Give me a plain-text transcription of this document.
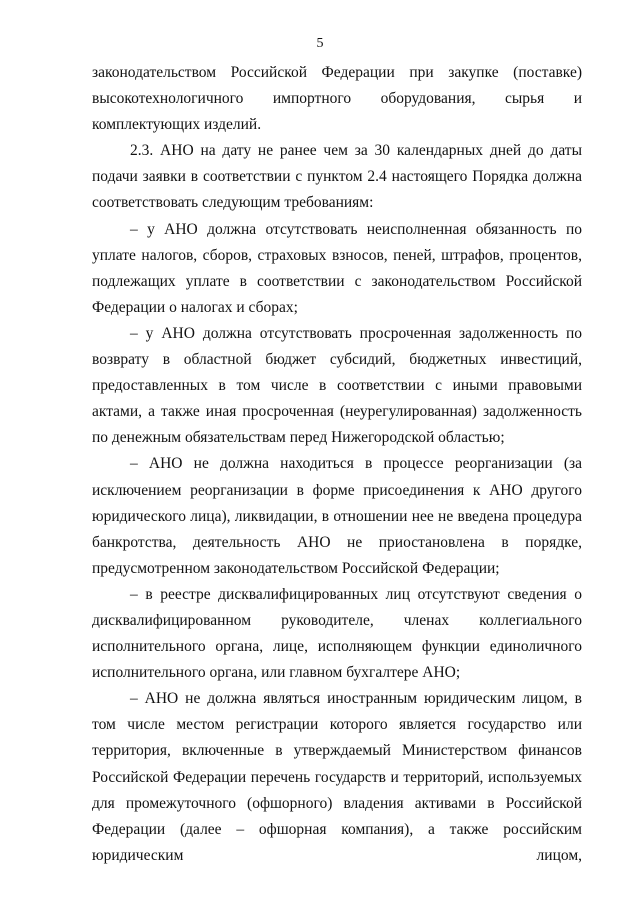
5

законодательством Российской Федерации при закупке (поставке) высокотехнологичного импортного оборудования, сырья и комплектующих изделий.

2.3. АНО на дату не ранее чем за 30 календарных дней до даты подачи заявки в соответствии с пунктом 2.4 настоящего Порядка должна соответствовать следующим требованиям:

– у АНО должна отсутствовать неисполненная обязанность по уплате налогов, сборов, страховых взносов, пеней, штрафов, процентов, подлежащих уплате в соответствии с законодательством Российской Федерации о налогах и сборах;

– у АНО должна отсутствовать просроченная задолженность по возврату в областной бюджет субсидий, бюджетных инвестиций, предоставленных в том числе в соответствии с иными правовыми актами, а также иная просроченная (неурегулированная) задолженность по денежным обязательствам перед Нижегородской областью;

– АНО не должна находиться в процессе реорганизации (за исключением реорганизации в форме присоединения к АНО другого юридического лица), ликвидации, в отношении нее не введена процедура банкротства, деятельность АНО не приостановлена в порядке, предусмотренном законодательством Российской Федерации;

– в реестре дисквалифицированных лиц отсутствуют сведения о дисквалифицированном руководителе, членах коллегиального исполнительного органа, лице, исполняющем функции единоличного исполнительного органа, или главном бухгалтере АНО;

– АНО не должна являться иностранным юридическим лицом, в том числе местом регистрации которого является государство или территория, включенные в утверждаемый Министерством финансов Российской Федерации перечень государств и территорий, используемых для промежуточного (офшорного) владения активами в Российской Федерации (далее – офшорная компания), а также российским юридическим лицом,
